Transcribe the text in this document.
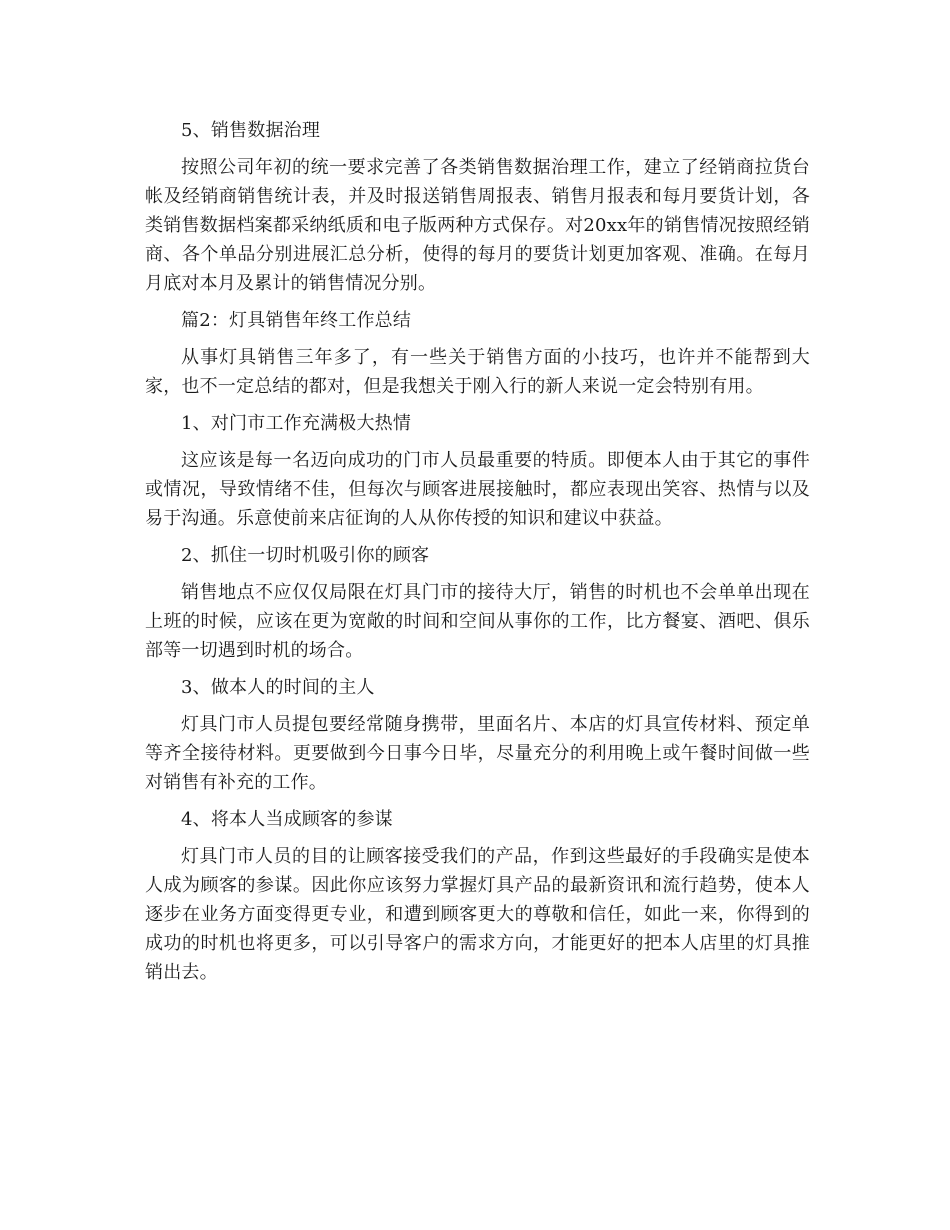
5、销售数据治理

按照公司年初的统一要求完善了各类销售数据治理工作，建立了经销商拉货台帐及经销商销售统计表，并及时报送销售周报表、销售月报表和每月要货计划，各类销售数据档案都采纳纸质和电子版两种方式保存。对20xx年的销售情况按照经销商、各个单品分别进展汇总分析，使得的每月的要货计划更加客观、准确。在每月月底对本月及累计的销售情况分别。

篇2：灯具销售年终工作总结

从事灯具销售三年多了，有一些关于销售方面的小技巧，也许并不能帮到大家，也不一定总结的都对，但是我想关于刚入行的新人来说一定会特别有用。

1、对门市工作充满极大热情

这应该是每一名迈向成功的门市人员最重要的特质。即便本人由于其它的事件或情况，导致情绪不佳，但每次与顾客进展接触时，都应表现出笑容、热情与以及易于沟通。乐意使前来店征询的人从你传授的知识和建议中获益。

2、抓住一切时机吸引你的顾客

销售地点不应仅仅局限在灯具门市的接待大厅，销售的时机也不会单单出现在上班的时候，应该在更为宽敞的时间和空间从事你的工作，比方餐宴、酒吧、俱乐部等一切遇到时机的场合。

3、做本人的时间的主人

灯具门市人员提包要经常随身携带，里面名片、本店的灯具宣传材料、预定单等齐全接待材料。更要做到今日事今日毕，尽量充分的利用晚上或午餐时间做一些对销售有补充的工作。

4、将本人当成顾客的参谋

灯具门市人员的目的让顾客接受我们的产品，作到这些最好的手段确实是使本人成为顾客的参谋。因此你应该努力掌握灯具产品的最新资讯和流行趋势，使本人逐步在业务方面变得更专业，和遭到顾客更大的尊敬和信任，如此一来，你得到的成功的时机也将更多，可以引导客户的需求方向，才能更好的把本人店里的灯具推销出去。
